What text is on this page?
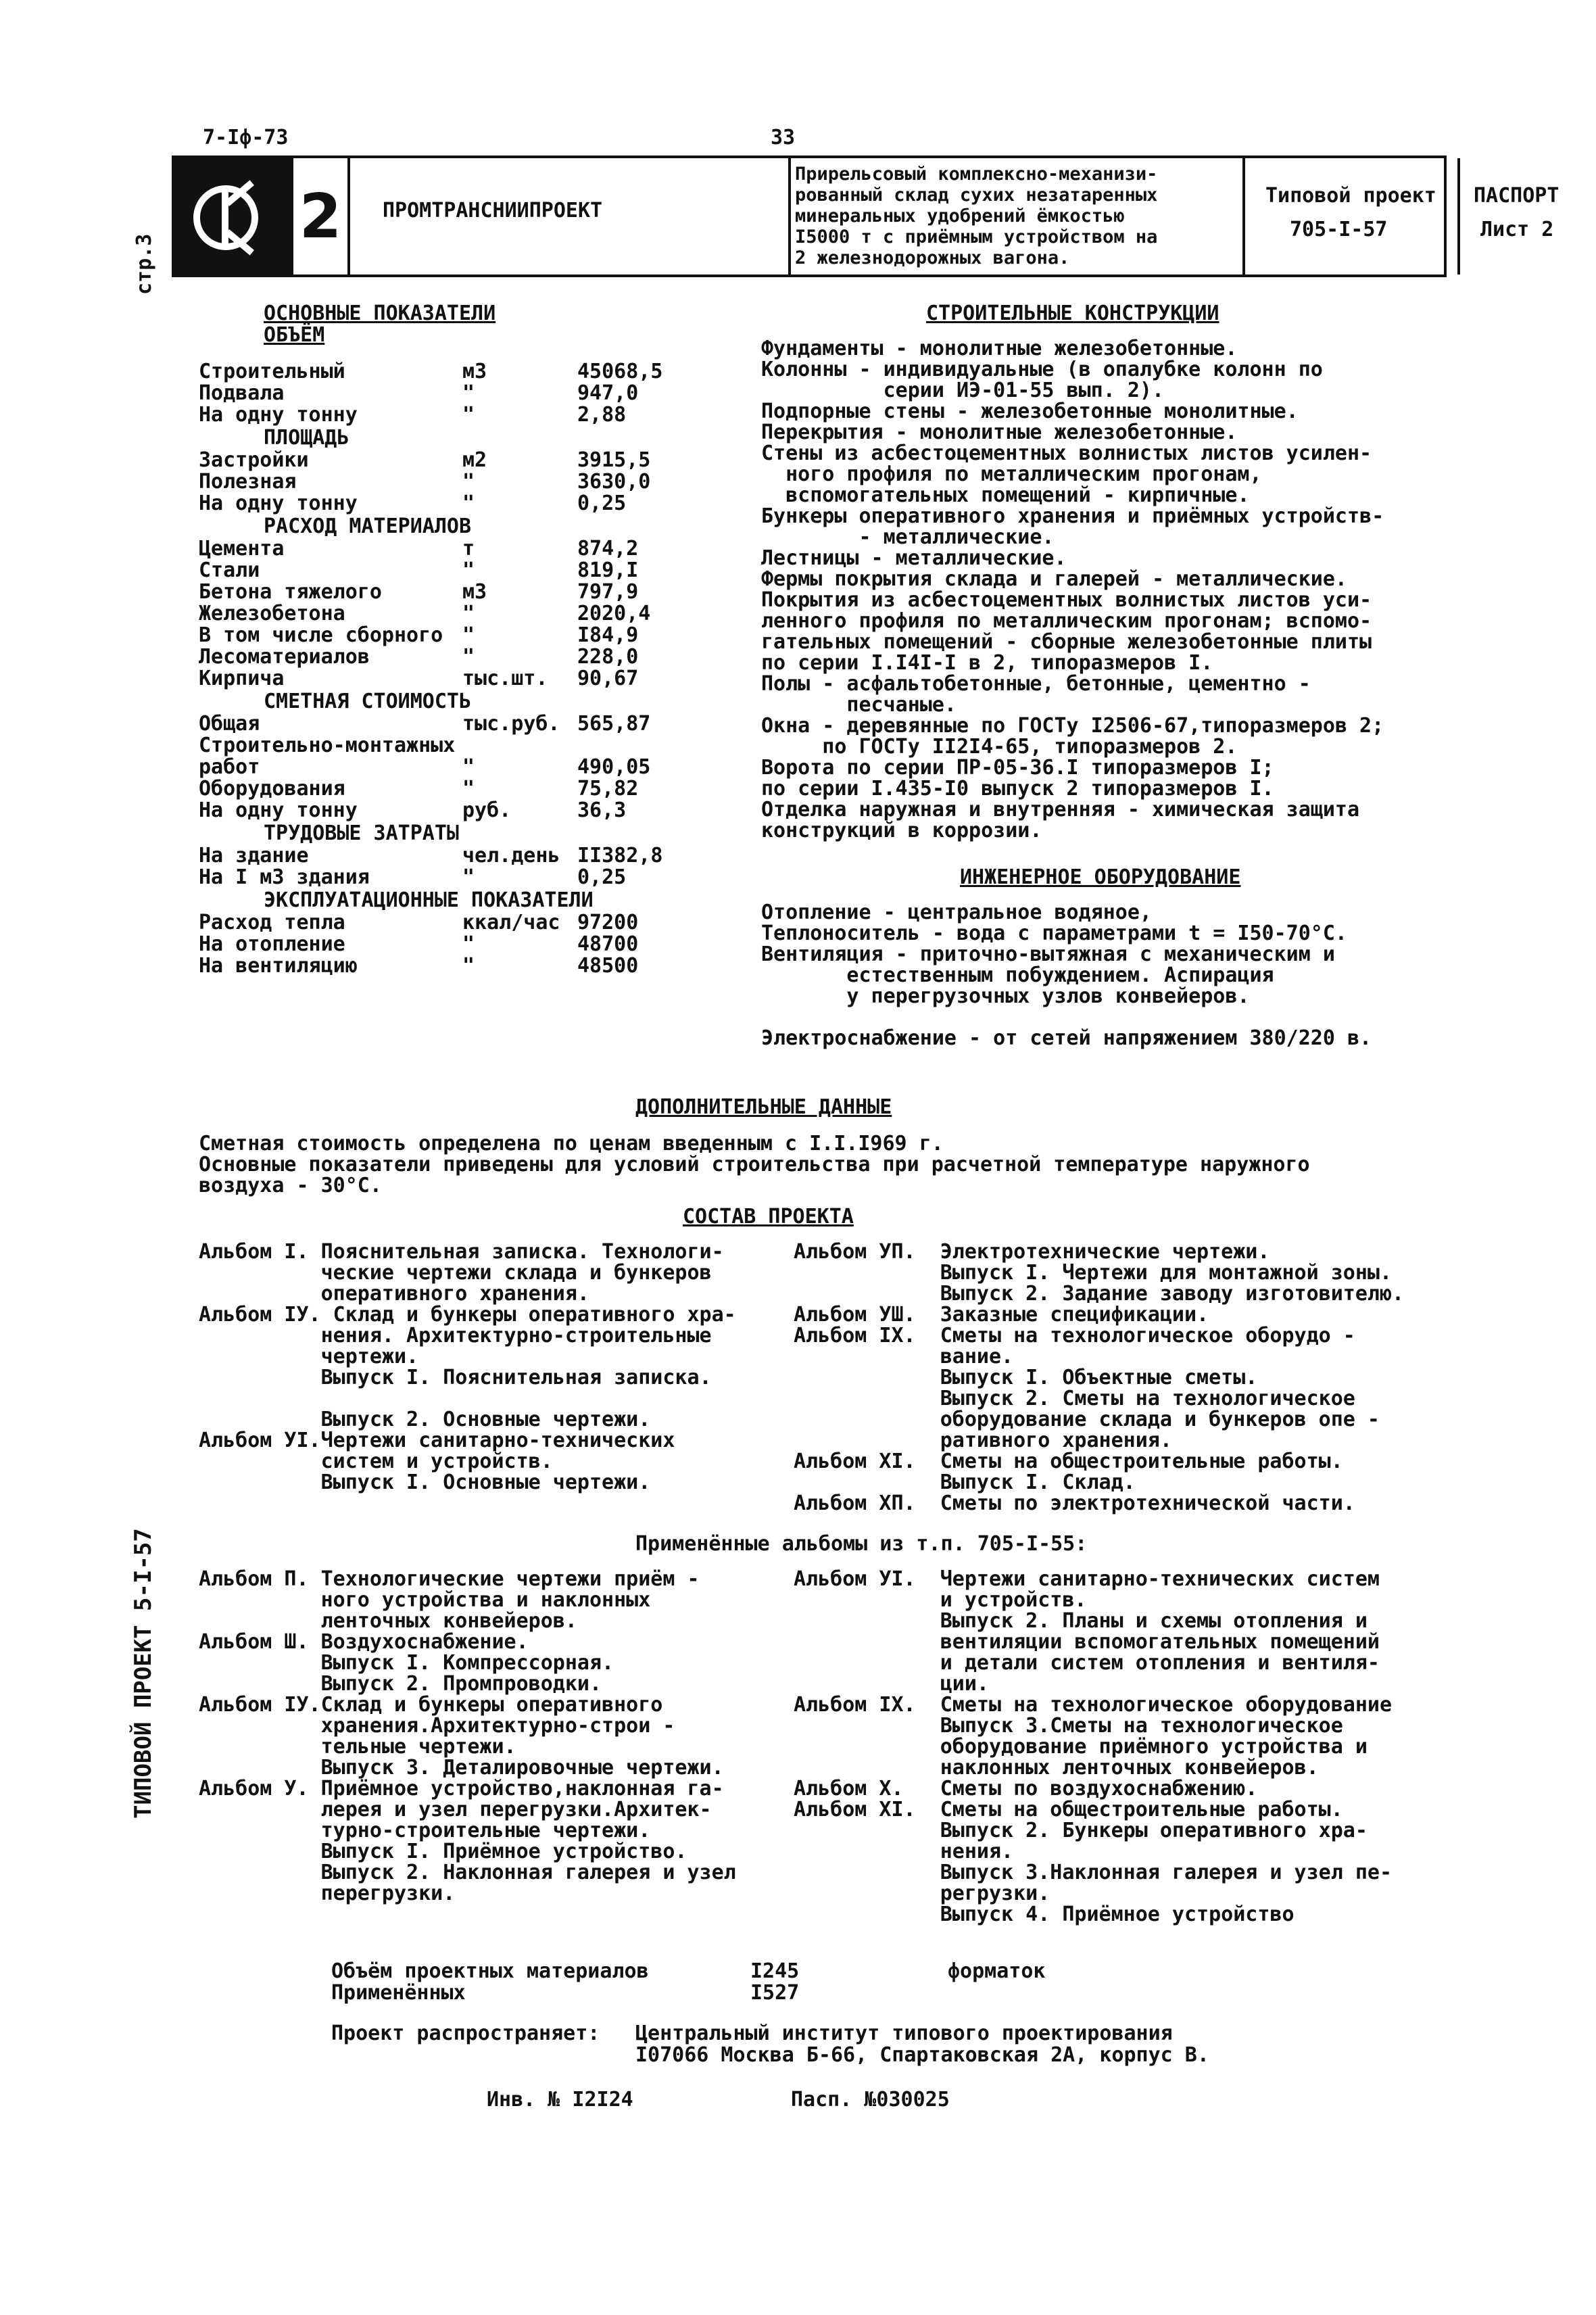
7-Iф-73	33
стр.3
2 ПРОМТРАНСНИИПРОЕКТ
Прирельсовый комплексно-механизи-
рованный склад сухих незатаренных
минеральных удобрений ёмкостью
I5000 т с приёмным устройством на
2 железнодорожных вагона.
Типовой проект
705-I-57
ПАСПОРТ
Лист 2
ОСНОВНЫЕ ПОКАЗАТЕЛИ
ОБЪЁМ
Строительный	м3	45068,5
Подвала	"	947,0
На одну тонну	"	2,88
ПЛОЩАДЬ
Застройки	м2	3915,5
Полезная	"	3630,0
На одну тонну	"	0,25
РАСХОД МАТЕРИАЛОВ
Цемента	т	874,2
Стали	"	819,I
Бетона тяжелого	м3	797,9
Железобетона	"	2020,4
В том числе сборного "	I84,9
Лесоматериалов	"	228,0
Кирпича	тыс.шт. 90,67
СМЕТНАЯ СТОИМОСТЬ
Общая	тыс.руб. 565,87
Строительно-монтажных
работ	"	490,05
Оборудования	"	75,82
На одну тонну	руб.	36,3
ТРУДОВЫЕ ЗАТРАТЫ
На здание	чел.день II382,8
На I м3 здания	"	0,25
ЭКСПЛУАТАЦИОННЫЕ ПОКАЗАТЕЛИ
Расход тепла	ккал/час 97200
На отопление	"	48700
На вентиляцию	"	48500
СТРОИТЕЛЬНЫЕ КОНСТРУКЦИИ
Фундаменты - монолитные железобетонные.
Колонны - индивидуальные (в опалубке колонн по
серии ИЭ-01-55 вып. 2).
Подпорные стены - железобетонные монолитные.
Перекрытия - монолитные железобетонные.
Стены из асбестоцементных волнистых листов усилен-
ного профиля по металлическим прогонам,
вспомогательных помещений - кирпичные.
Бункеры оперативного хранения и приёмных устройств-
- металлические.
Лестницы - металлические.
Фермы покрытия склада и галерей - металлические.
Покрытия из асбестоцементных волнистых листов уси-
ленного профиля по металлическим прогонам; вспомо-
гательных помещений - сборные железобетонные плиты
по серии I.I4I-I в 2, типоразмеров I.
Полы - асфальтобетонные, бетонные, цементно -
песчаные.
Окна - деревянные по ГОСТу I2506-67,типоразмеров 2;
по ГОСТу II2I4-65, типоразмеров 2.
Ворота по серии ПР-05-36.I типоразмеров I;
по серии I.435-I0 выпуск 2 типоразмеров I.
Отделка наружная и внутренняя - химическая защита
конструкций в коррозии.
ИНЖЕНЕРНОЕ ОБОРУДОВАНИЕ
Отопление - центральное водяное,
Теплоноситель - вода с параметрами t = I50-70°С.
Вентиляция - приточно-вытяжная с механическим и
естественным побуждением. Аспирация
у перегрузочных узлов конвейеров.

Электроснабжение - от сетей напряжением 380/220 в.
ДОПОЛНИТЕЛЬНЫЕ ДАННЫЕ
Сметная стоимость определена по ценам введенным с I.I.I969 г.
Основные показатели приведены для условий строительства при расчетной температуре наружного
воздуха - 30°С.
СОСТАВ ПРОЕКТА
Альбом I. Пояснительная записка. Технологи-
ческие чертежи склада и бункеров
оперативного хранения.
Альбом IУ. Склад и бункеры оперативного хра-
нения. Архитектурно-строительные
чертежи.
Выпуск I. Пояснительная записка.

Выпуск 2. Основные чертежи.
Альбом УI.Чертежи санитарно-технических
систем и устройств.
Выпуск I. Основные чертежи.
Альбом УП.  Электротехнические чертежи.
Выпуск I. Чертежи для монтажной зоны.
Выпуск 2. Задание заводу изготовителю.
Альбом УШ.  Заказные спецификации.
Альбом IX.  Сметы на технологическое оборудо -
вание.
Выпуск I. Объектные сметы.
Выпуск 2. Сметы на технологическое
оборудование склада и бункеров опе -
ративного хранения.
Альбом XI.  Сметы на общестроительные работы.
Выпуск I. Склад.
Альбом XП.  Сметы по электротехнической части.
Применённые альбомы из т.п. 705-I-55:
Альбом П. Технологические чертежи приём -
ного устройства и наклонных
ленточных конвейеров.
Альбом Ш. Воздухоснабжение.
Выпуск I. Компрессорная.
Выпуск 2. Промпроводки.
Альбом IУ.Склад и бункеры оперативного
хранения.Архитектурно-строи -
тельные чертежи.
Выпуск 3. Деталировочные чертежи.
Альбом У. Приёмное устройство,наклонная га-
лерея и узел перегрузки.Архитек-
турно-строительные чертежи.
Выпуск I. Приёмное устройство.
Выпуск 2. Наклонная галерея и узел
перегрузки.
Альбом УI.  Чертежи санитарно-технических систем
и устройств.
Выпуск 2. Планы и схемы отопления и
вентиляции вспомогательных помещений
и детали систем отопления и вентиля-
ции.
Альбом IX.  Сметы на технологическое оборудование
Выпуск 3.Сметы на технологическое
оборудование приёмного устройства и
наклонных ленточных конвейеров.
Альбом X.   Сметы по воздухоснабжению.
Альбом XI.  Сметы на общестроительные работы.
Выпуск 2. Бункеры оперативного хра-
нения.
Выпуск 3.Наклонная галерея и узел пе-
регрузки.
Выпуск 4. Приёмное устройство
Объём проектных материалов	I245	форматок
Применённых	I527
Проект распространяет: Центральный институт типового проектирования
I07066 Москва Б-66, Спартаковская 2А, корпус В.
Инв. № I2I24	Пасп. №030025
ТИПОВОЙ ПРОЕКТ 5-I-57
